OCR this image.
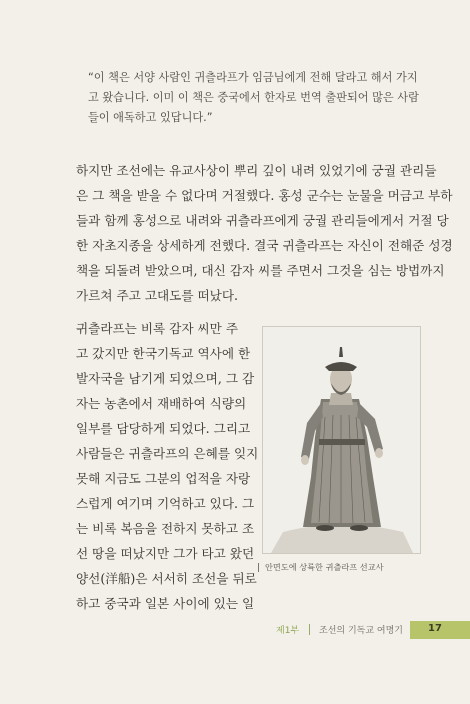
“이 책은 서양 사람인 귀츨라프가 임금님에게 전해 달라고 해서 가지

고 왔습니다. 이미 이 책은 중국에서 한자로 번역 출판되어 많은 사람

들이 애독하고 있답니다.”

하지만 조선에는 유교사상이 뿌리 깊이 내려 있었기에 궁궐 관리들

은 그 책을 받을 수 없다며 거절했다. 홍성 군수는 눈물을 머금고 부하

들과 함께 홍성으로 내려와 귀츨라프에게 궁궐 관리들에게서 거절 당

한 자초지종을 상세하게 전했다. 결국 귀츨라프는 자신이 전해준 성경

책을 되돌려 받았으며, 대신 감자 씨를 주면서 그것을 심는 방법까지

가르쳐 주고 고대도를 떠났다.

귀츨라프는 비록 감자 씨만 주

고 갔지만 한국기독교 역사에 한

발자국을 남기게 되었으며, 그 감

자는 농촌에서 재배하여 식량의

일부를 담당하게 되었다. 그리고

사람들은 귀츨라프의 은혜를 잊지

못해 지금도 그분의 업적을 자랑

스럽게 여기며 기억하고 있다. 그

는 비록 복음을 전하지 못하고 조

선 땅을 떠났지만 그가 타고 왔던

양선(洋船)은 서서히 조선을 뒤로

하고 중국과 일본 사이에 있는 일

안면도에 상륙한 귀츨라프 선교사
제1부 조선의 기독교 여명기	17
